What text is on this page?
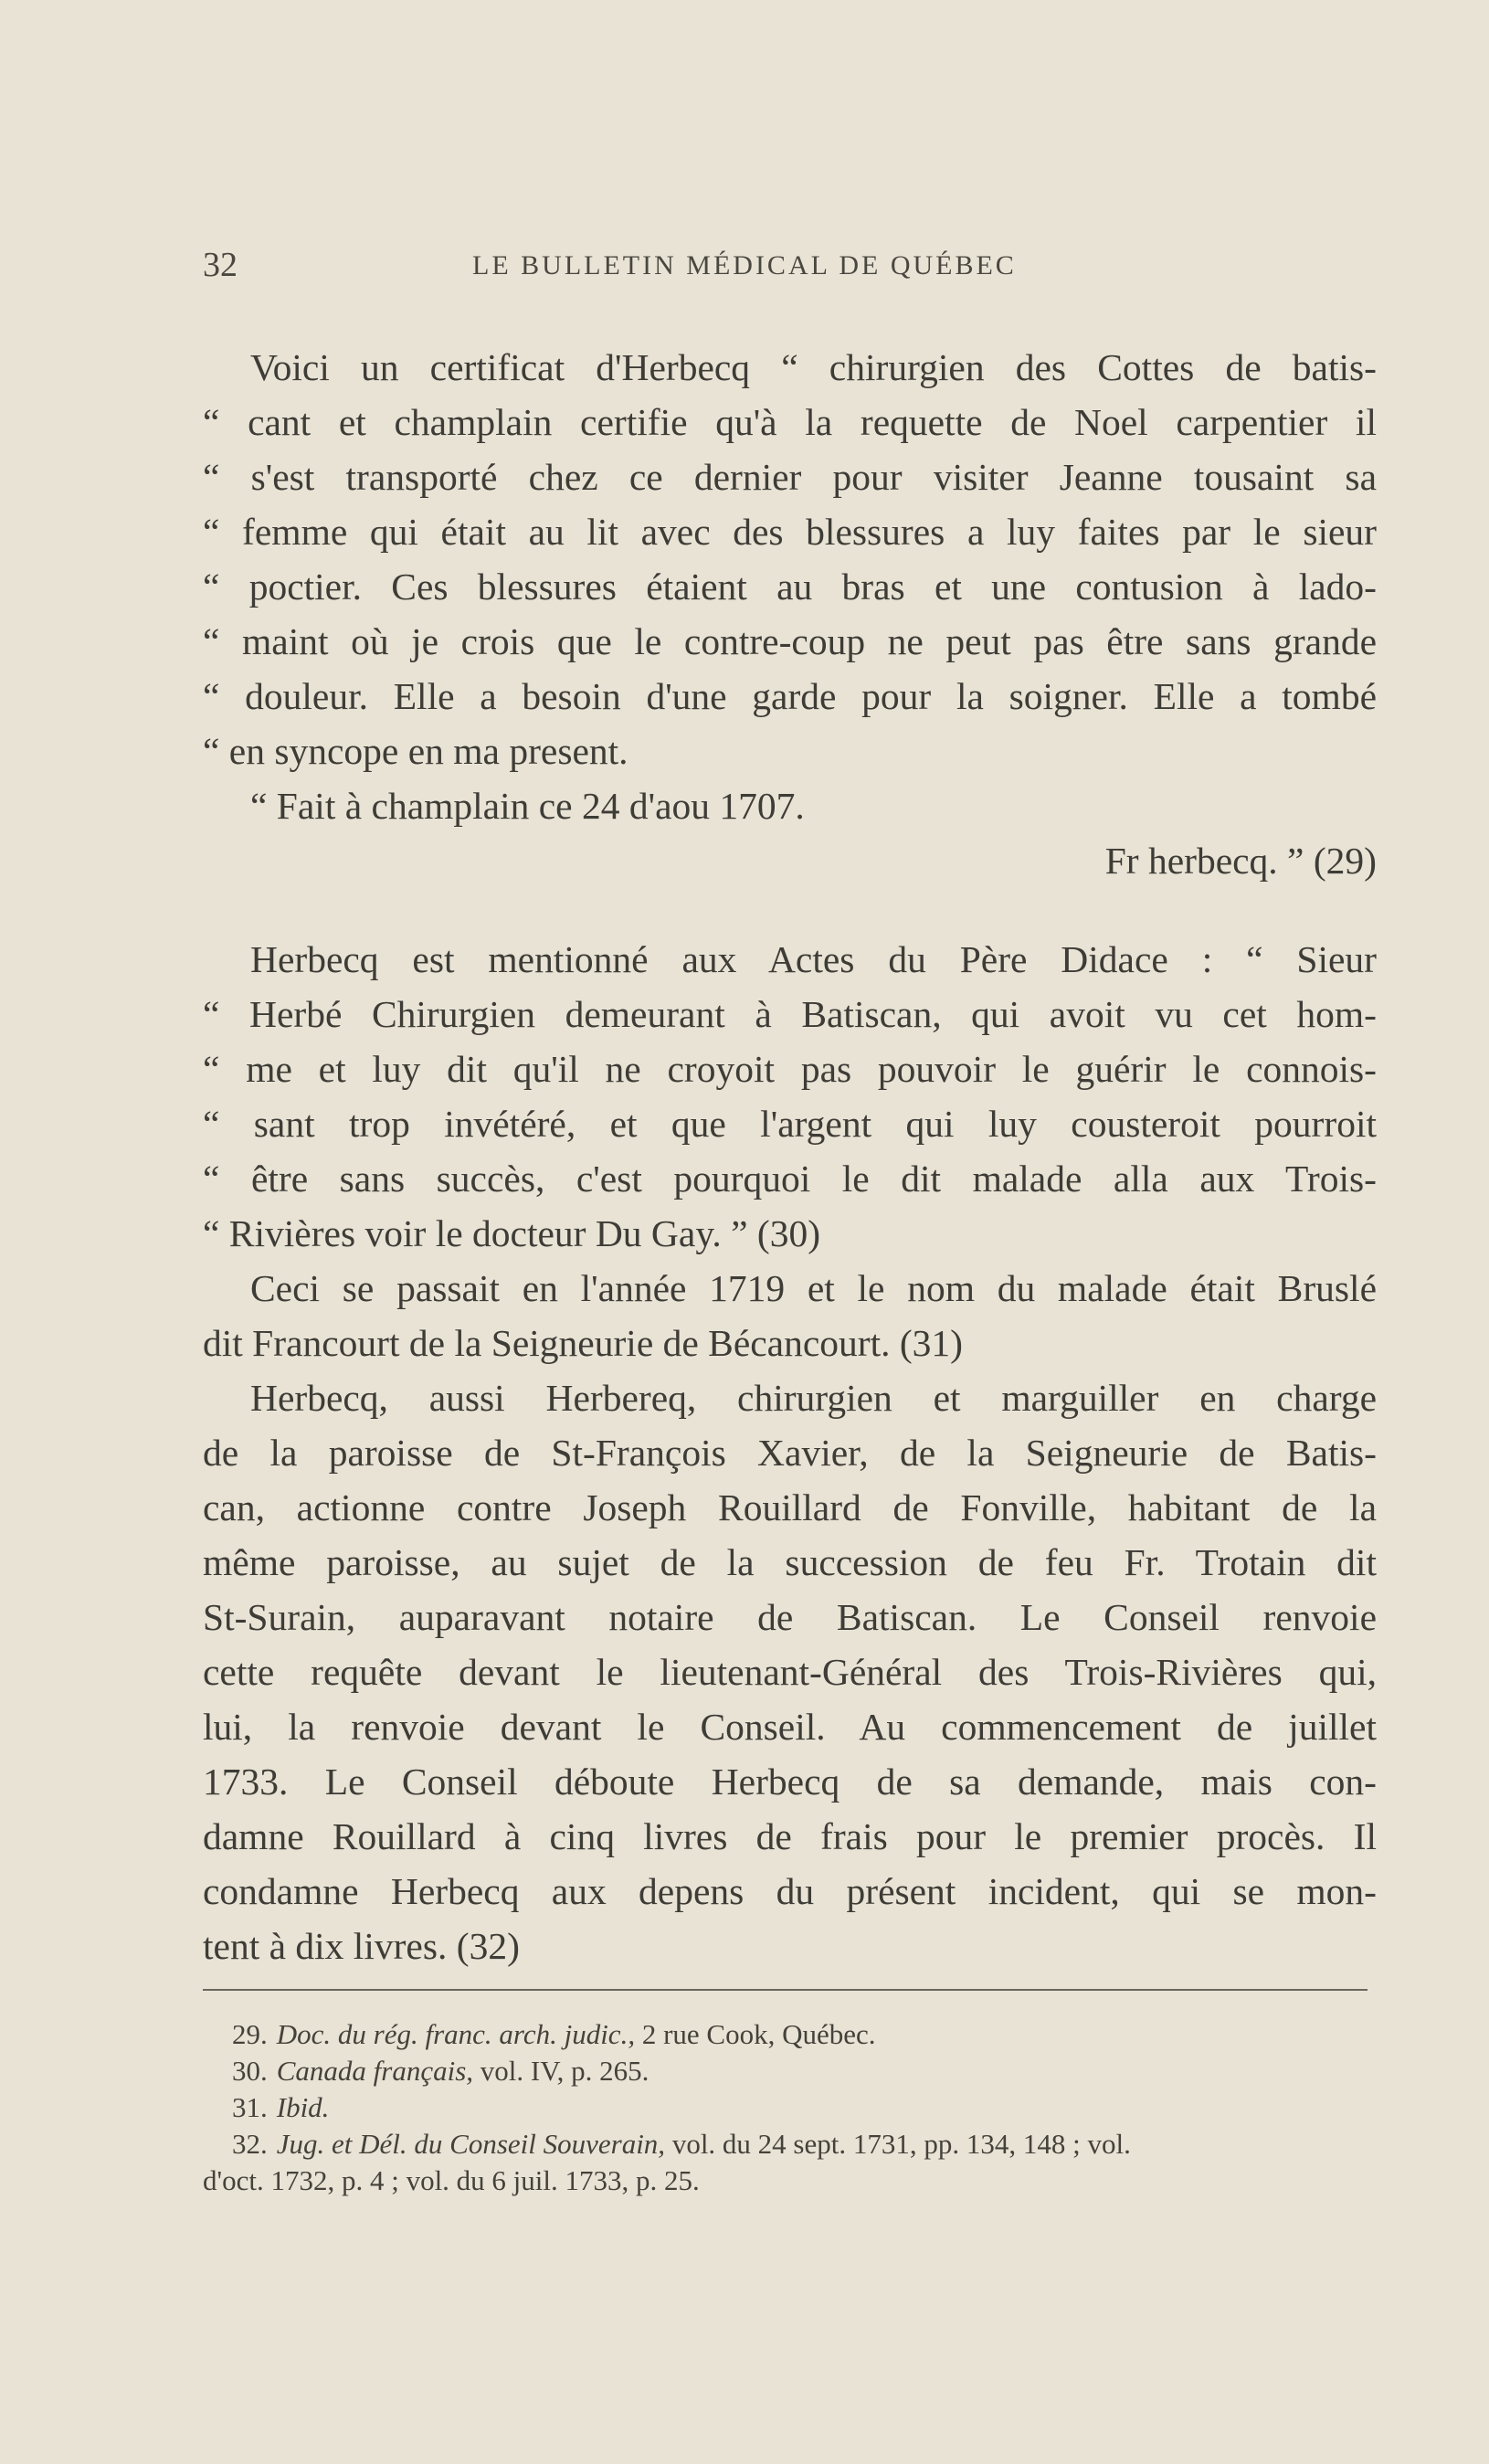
32	LE BULLETIN MÉDICAL DE QUÉBEC
Voici un certificat d'Herbecq “ chirurgien des Cottes de batis-
“ cant et champlain certifie qu'à la requette de Noel carpentier il
“ s'est transporté chez ce dernier pour visiter Jeanne tousaint sa
“ femme qui était au lit avec des blessures a luy faites par le sieur
“ poctier. Ces blessures étaient au bras et une contusion à lado-
“ maint où je crois que le contre-coup ne peut pas être sans grande
“ douleur. Elle a besoin d'une garde pour la soigner. Elle a tombé
“ en syncope en ma present.
“ Fait à champlain ce 24 d'aou 1707.
Fr herbecq. ” (29)
Herbecq est mentionné aux Actes du Père Didace : “ Sieur
“ Herbé Chirurgien demeurant à Batiscan, qui avoit vu cet hom-
“ me et luy dit qu'il ne croyoit pas pouvoir le guérir le connois-
“ sant trop invétéré, et que l'argent qui luy cousteroit pourroit
“ être sans succès, c'est pourquoi le dit malade alla aux Trois-
“ Rivières voir le docteur Du Gay. ” (30)
Ceci se passait en l'année 1719 et le nom du malade était Bruslé
dit Francourt de la Seigneurie de Bécancourt. (31)
Herbecq, aussi Herbereq, chirurgien et marguiller en charge
de la paroisse de St-François Xavier, de la Seigneurie de Batis-
can, actionne contre Joseph Rouillard de Fonville, habitant de la
même paroisse, au sujet de la succession de feu Fr. Trotain dit
St-Surain, auparavant notaire de Batiscan. Le Conseil renvoie
cette requête devant le lieutenant-Général des Trois-Rivières qui,
lui, la renvoie devant le Conseil. Au commencement de juillet
1733. Le Conseil déboute Herbecq de sa demande, mais con-
damne Rouillard à cinq livres de frais pour le premier procès. Il
condamne Herbecq aux depens du présent incident, qui se mon-
tent à dix livres. (32)
29. Doc. du rég. franc. arch. judic., 2 rue Cook, Québec.
30. Canada français, vol. IV, p. 265.
31. Ibid.
32. Jug. et Dél. du Conseil Souverain, vol. du 24 sept. 1731, pp. 134, 148 ; vol.
d'oct. 1732, p. 4 ; vol. du 6 juil. 1733, p. 25.
